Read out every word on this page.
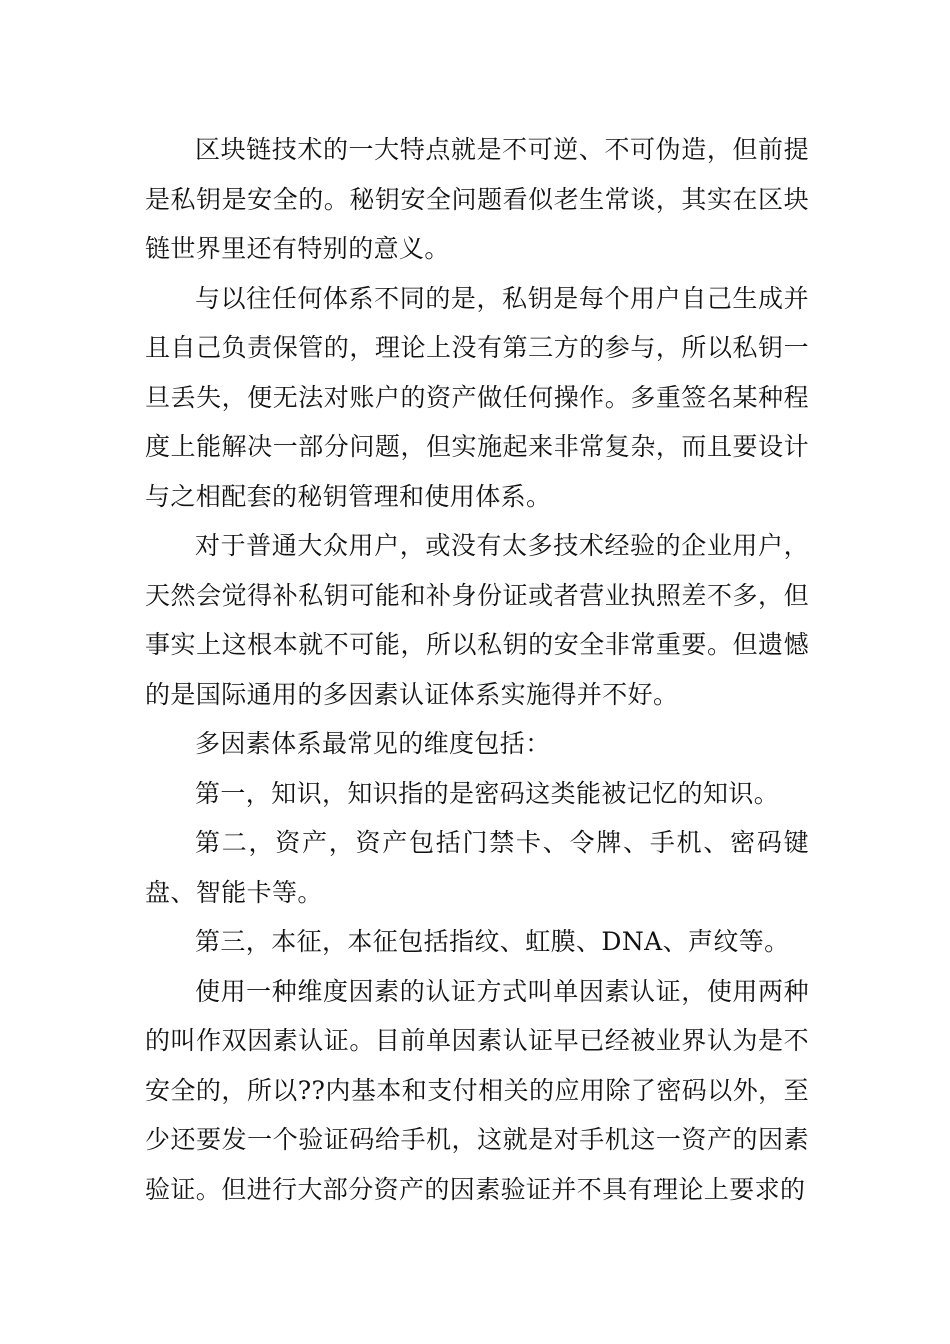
区块链技术的一大特点就是不可逆、不可伪造，但前提是私钥是安全的。秘钥安全问题看似老生常谈，其实在区块链世界里还有特别的意义。

与以往任何体系不同的是，私钥是每个用户自己生成并且自己负责保管的，理论上没有第三方的参与，所以私钥一旦丢失，便无法对账户的资产做任何操作。多重签名某种程度上能解决一部分问题，但实施起来非常复杂，而且要设计与之相配套的秘钥管理和使用体系。

对于普通大众用户，或没有太多技术经验的企业用户，天然会觉得补私钥可能和补身份证或者营业执照差不多，但事实上这根本就不可能，所以私钥的安全非常重要。但遗憾的是国际通用的多因素认证体系实施得并不好。

多因素体系最常见的维度包括：

第一，知识，知识指的是密码这类能被记忆的知识。

第二，资产，资产包括门禁卡、令牌、手机、密码键盘、智能卡等。

第三，本征，本征包括指纹、虹膜、DNA、声纹等。

使用一种维度因素的认证方式叫单因素认证，使用两种的叫作双因素认证。目前单因素认证早已经被业界认为是不安全的，所以??内基本和支付相关的应用除了密码以外，至少还要发一个验证码给手机，这就是对手机这一资产的因素验证。但进行大部分资产的因素验证并不具有理论上要求的
